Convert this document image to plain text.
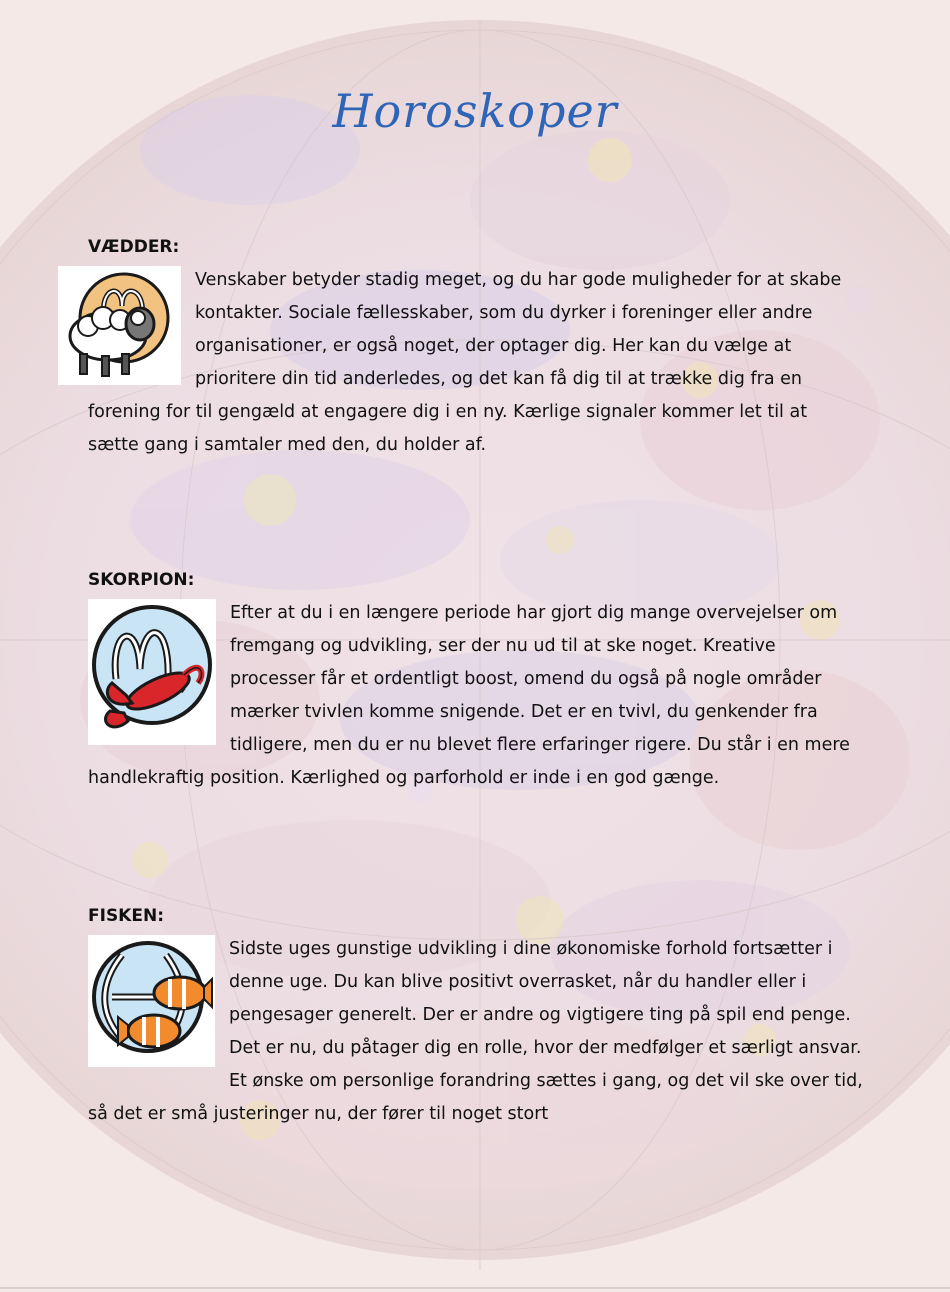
Horoskoper

VÆDDER:

Venskaber betyder stadig meget, og du har gode muligheder for at skabe kontakter. Sociale fællesskaber, som du dyrker i foreninger eller andre organisationer, er også noget, der optager dig. Her kan du vælge at prioritere din tid anderledes, og det kan få dig til at trække dig fra en forening for til gengæld at engagere dig i en ny. Kærlige signaler kommer let til at sætte gang i samtaler med den, du holder af.

SKORPION:

Efter at du i en længere periode har gjort dig mange overvejelser om fremgang og udvikling, ser der nu ud til at ske noget. Kreative processer får et ordentligt boost, omend du også på nogle områder mærker tvivlen komme snigende. Det er en tvivl, du genkender fra tidligere, men du er nu blevet flere erfaringer rigere. Du står i en mere handlekraftig position. Kærlighed og parforhold er inde i en god gænge.

FISKEN:

Sidste uges gunstige udvikling i dine økonomiske forhold fortsætter i denne uge. Du kan blive positivt overrasket, når du handler eller i pengesager generelt. Der er andre og vigtigere ting på spil end penge. Det er nu, du påtager dig en rolle, hvor der medfølger et særligt ansvar. Et ønske om personlige forandring sættes i gang, og det vil ske over tid, så det er små justeringer nu, der fører til noget stort
